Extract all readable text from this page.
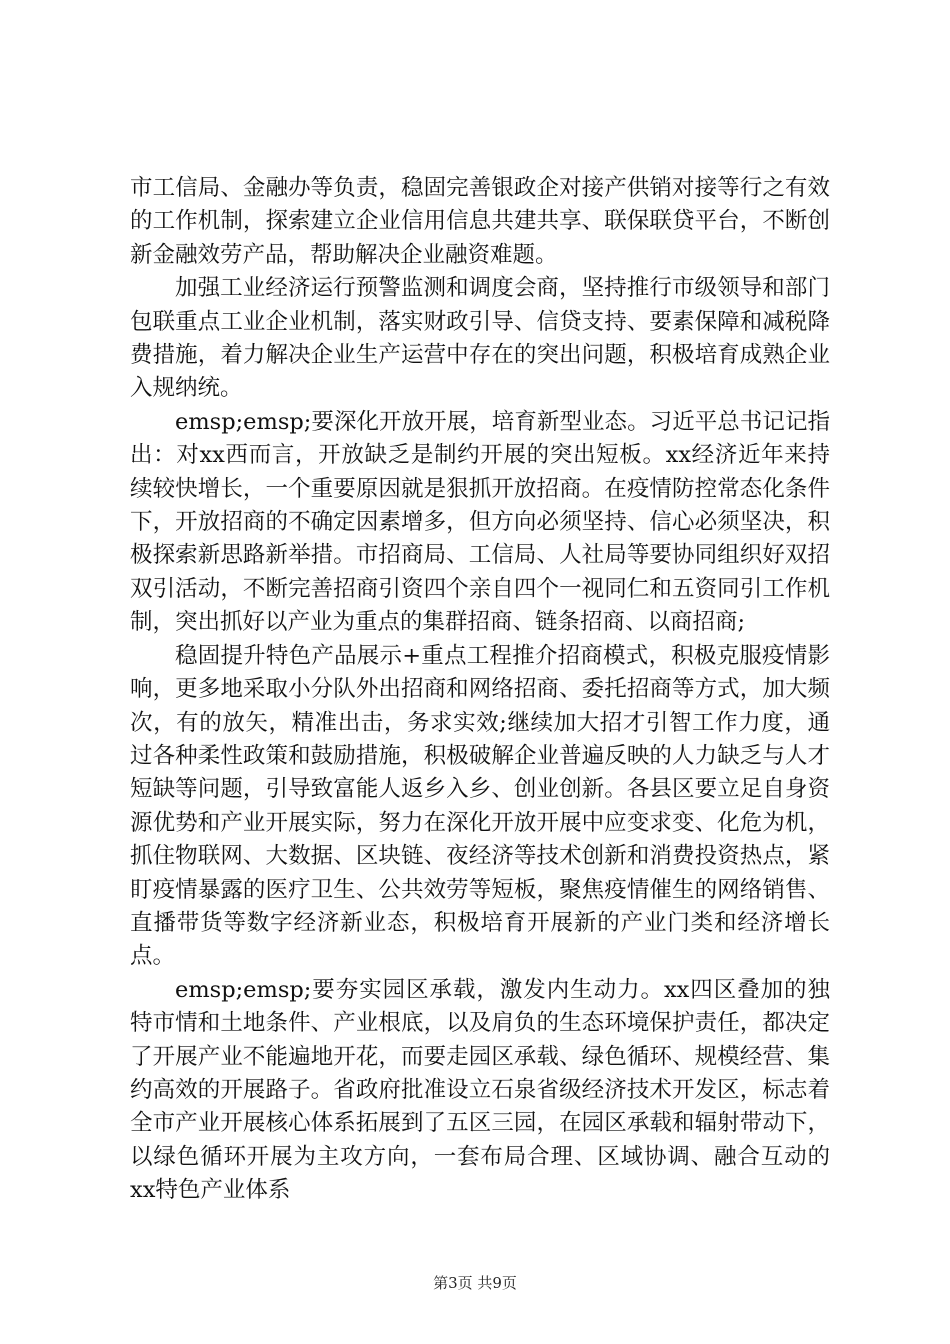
市工信局、金融办等负责，稳固完善银政企对接产供销对接等行之有效的工作机制，探索建立企业信用信息共建共享、联保联贷平台，不断创新金融效劳产品，帮助解决企业融资难题。

加强工业经济运行预警监测和调度会商，坚持推行市级领导和部门包联重点工业企业机制，落实财政引导、信贷支持、要素保障和减税降费措施，着力解决企业生产运营中存在的突出问题，积极培育成熟企业入规纳统。

emsp;emsp;要深化开放开展，培育新型业态。习近平总书记记指出：对xx西而言，开放缺乏是制约开展的突出短板。xx经济近年来持续较快增长，一个重要原因就是狠抓开放招商。在疫情防控常态化条件下，开放招商的不确定因素增多，但方向必须坚持、信心必须坚决，积极探索新思路新举措。市招商局、工信局、人社局等要协同组织好双招双引活动，不断完善招商引资四个亲自四个一视同仁和五资同引工作机制，突出抓好以产业为重点的集群招商、链条招商、以商招商;

稳固提升特色产品展示+重点工程推介招商模式，积极克服疫情影响，更多地采取小分队外出招商和网络招商、委托招商等方式，加大频次，有的放矢，精准出击，务求实效;继续加大招才引智工作力度，通过各种柔性政策和鼓励措施，积极破解企业普遍反映的人力缺乏与人才短缺等问题，引导致富能人返乡入乡、创业创新。各县区要立足自身资源优势和产业开展实际，努力在深化开放开展中应变求变、化危为机，抓住物联网、大数据、区块链、夜经济等技术创新和消费投资热点，紧盯疫情暴露的医疗卫生、公共效劳等短板，聚焦疫情催生的网络销售、直播带货等数字经济新业态，积极培育开展新的产业门类和经济增长点。

emsp;emsp;要夯实园区承载，激发内生动力。xx四区叠加的独特市情和土地条件、产业根底，以及肩负的生态环境保护责任，都决定了开展产业不能遍地开花，而要走园区承载、绿色循环、规模经营、集约高效的开展路子。省政府批准设立石泉省级经济技术开发区，标志着全市产业开展核心体系拓展到了五区三园，在园区承载和辐射带动下，以绿色循环开展为主攻方向，一套布局合理、区域协调、融合互动的xx特色产业体系

第3页 共9页
